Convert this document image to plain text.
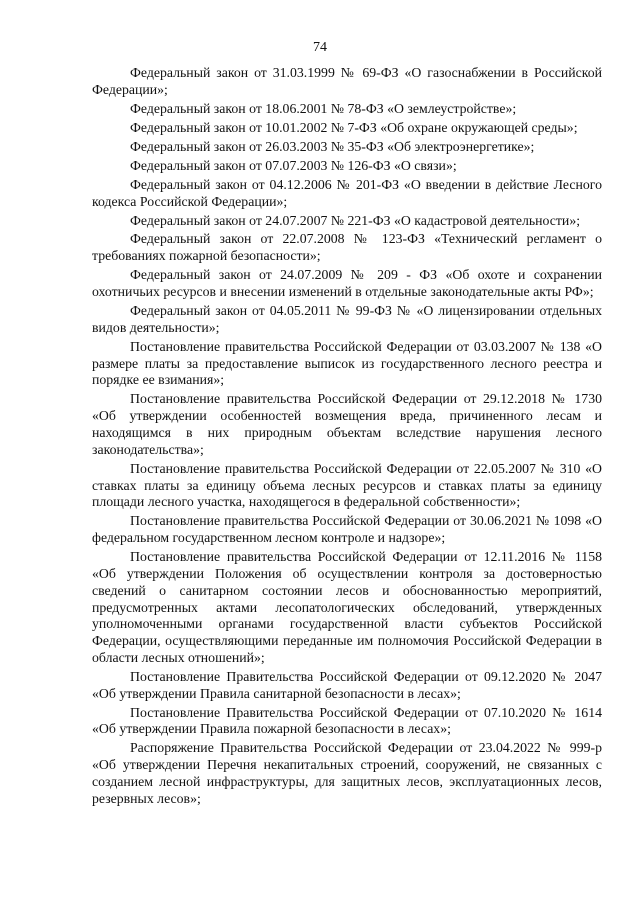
74

Федеральный закон от 31.03.1999 № 69-ФЗ «О газоснабжении в Российской Федерации»;

Федеральный закон от 18.06.2001 № 78-ФЗ «О землеустройстве»;

Федеральный закон от 10.01.2002 № 7-ФЗ «Об охране окружающей среды»;

Федеральный закон от 26.03.2003 № 35-ФЗ «Об электроэнергетике»;

Федеральный закон от 07.07.2003 № 126-ФЗ «О связи»;

Федеральный закон от 04.12.2006 № 201-ФЗ «О введении в действие Лесного кодекса Российской Федерации»;

Федеральный закон от 24.07.2007 № 221-ФЗ «О кадастровой деятельности»;

Федеральный закон от 22.07.2008 № 123-ФЗ «Технический регламент о требованиях пожарной безопасности»;

Федеральный закон от 24.07.2009 № 209 - ФЗ «Об охоте и сохранении охотничьих ресурсов и внесении изменений в отдельные законодательные акты РФ»;

Федеральный закон от 04.05.2011 № 99-ФЗ № «О лицензировании отдельных видов деятельности»;

Постановление правительства Российской Федерации от 03.03.2007 № 138 «О размере платы за предоставление выписок из государственного лесного реестра и порядке ее взимания»;

Постановление правительства Российской Федерации от 29.12.2018 № 1730 «Об утверждении особенностей возмещения вреда, причиненного лесам и находящимся в них природным объектам вследствие нарушения лесного законодательства»;

Постановление правительства Российской Федерации от 22.05.2007 № 310 «О ставках платы за единицу объема лесных ресурсов и ставках платы за единицу площади лесного участка, находящегося в федеральной собственности»;

Постановление правительства Российской Федерации от 30.06.2021 № 1098 «О федеральном государственном лесном контроле и надзоре»;

Постановление правительства Российской Федерации от 12.11.2016 № 1158 «Об утверждении Положения об осуществлении контроля за достоверностью сведений о санитарном состоянии лесов и обоснованностью мероприятий, предусмотренных актами лесопатологических обследований, утвержденных уполномоченными органами государственной власти субъектов Российской Федерации, осуществляющими переданные им полномочия Российской Федерации в области лесных отношений»;

Постановление Правительства Российской Федерации от 09.12.2020 № 2047 «Об утверждении Правила санитарной безопасности в лесах»;

Постановление Правительства Российской Федерации от 07.10.2020 № 1614 «Об утверждении Правила пожарной безопасности в лесах»;

Распоряжение Правительства Российской Федерации от 23.04.2022 № 999-р «Об утверждении Перечня некапитальных строений, сооружений, не связанных с созданием лесной инфраструктуры, для защитных лесов, эксплуатационных лесов, резервных лесов»;
